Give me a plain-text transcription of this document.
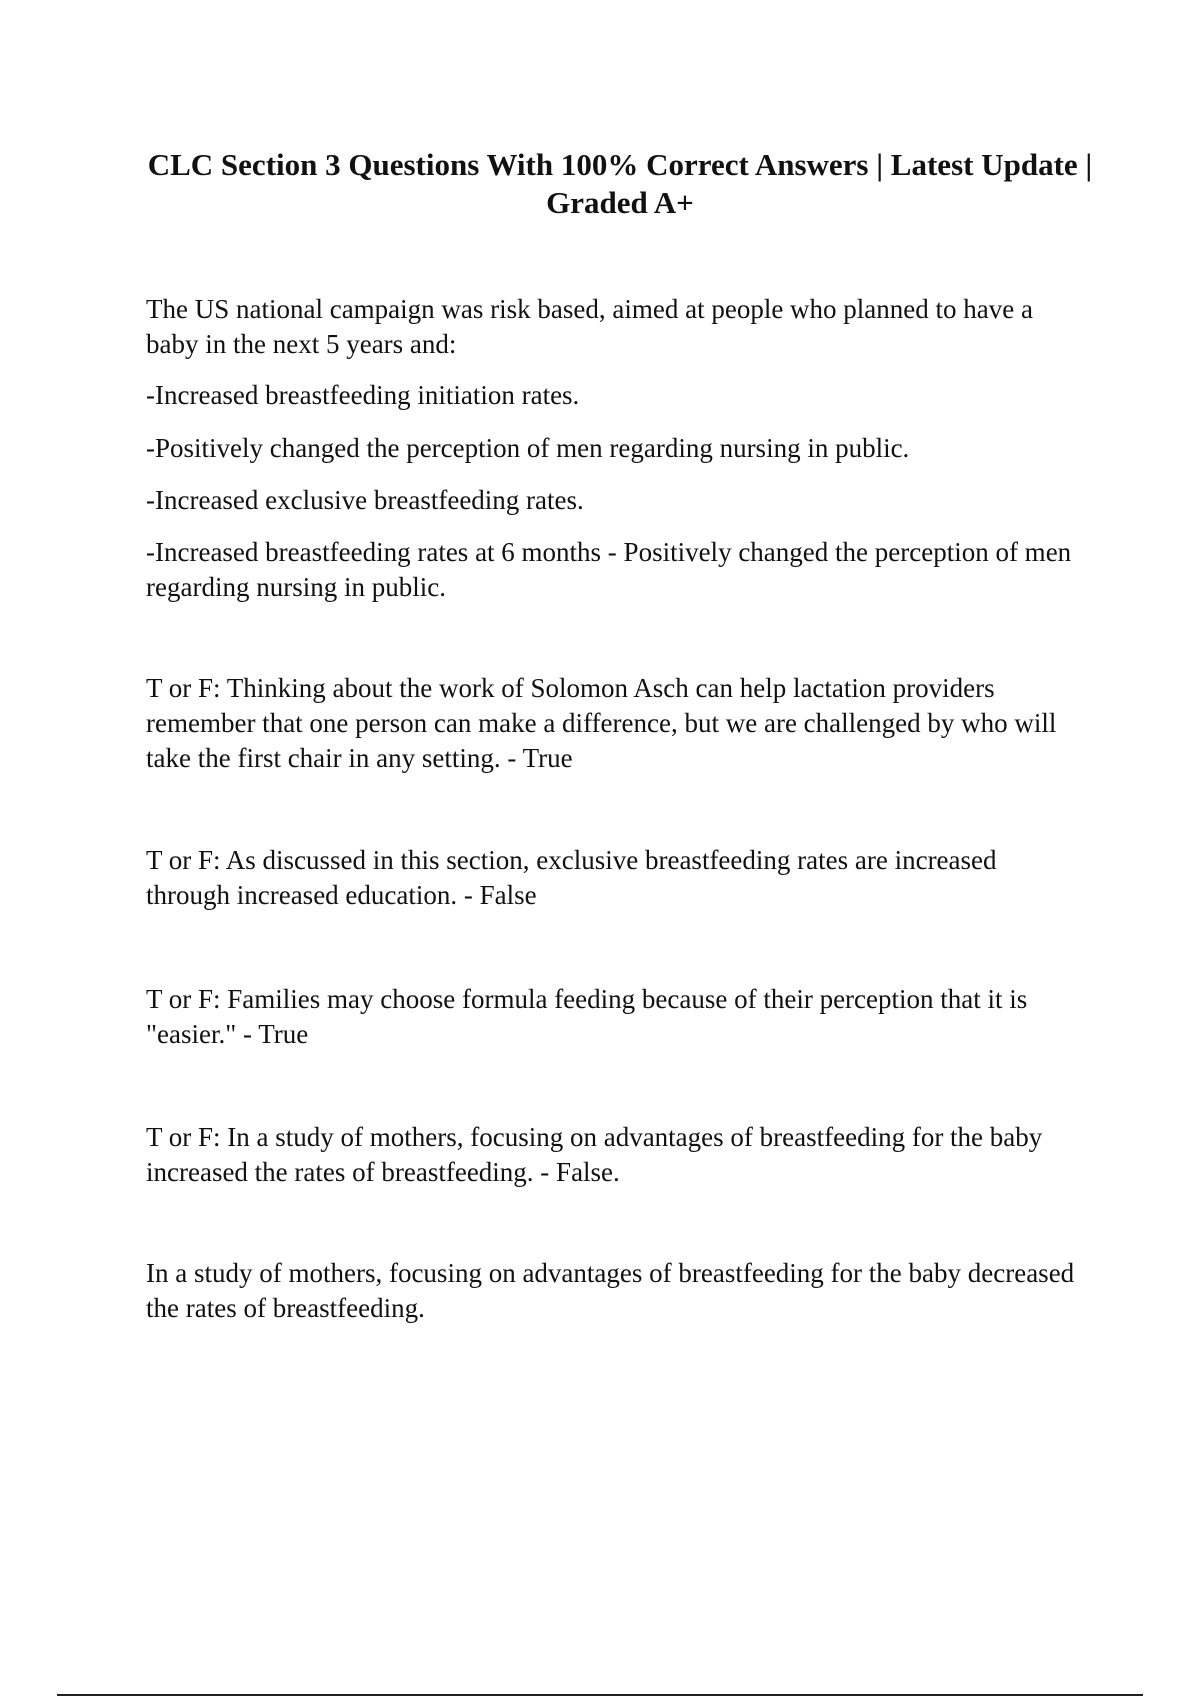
CLC Section 3 Questions With 100% Correct Answers | Latest Update | Graded A+

The US national campaign was risk based, aimed at people who planned to have a baby in the next 5 years and:

-Increased breastfeeding initiation rates.

-Positively changed the perception of men regarding nursing in public.

-Increased exclusive breastfeeding rates.

-Increased breastfeeding rates at 6 months - Positively changed the perception of men regarding nursing in public.

T or F: Thinking about the work of Solomon Asch can help lactation providers remember that one person can make a difference, but we are challenged by who will take the first chair in any setting. - True

T or F: As discussed in this section, exclusive breastfeeding rates are increased through increased education. - False

T or F: Families may choose formula feeding because of their perception that it is "easier." - True

T or F: In a study of mothers, focusing on advantages of breastfeeding for the baby increased the rates of breastfeeding. - False.

In a study of mothers, focusing on advantages of breastfeeding for the baby decreased the rates of breastfeeding.
